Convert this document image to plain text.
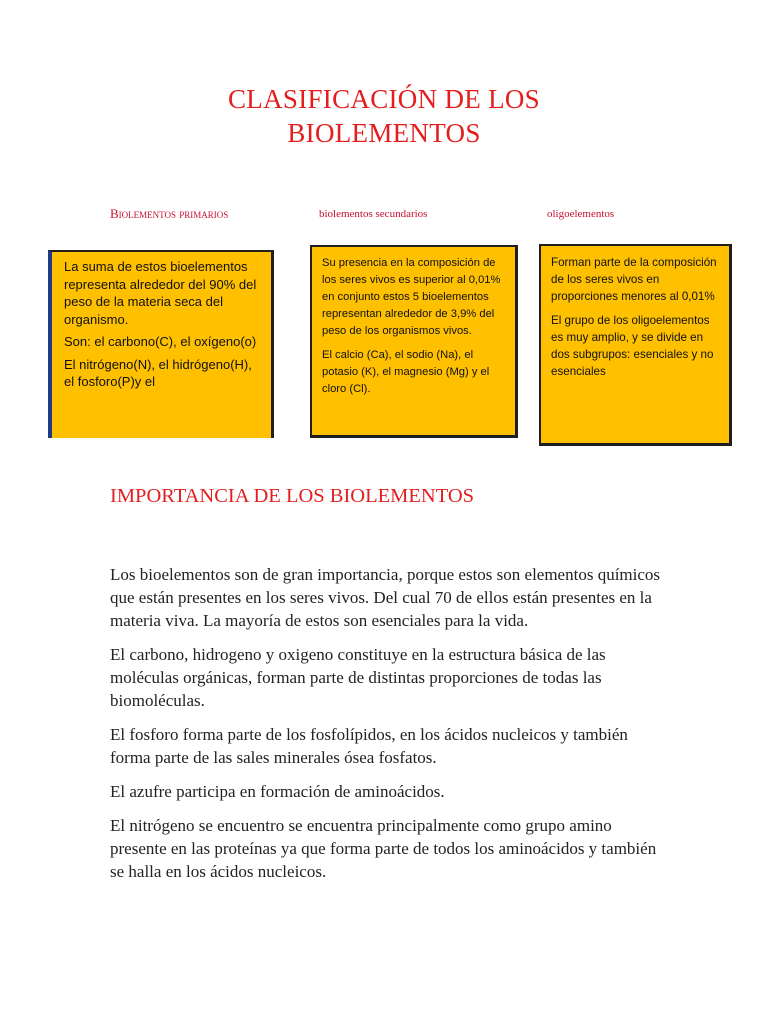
CLASIFICACIÓN DE LOS
BIOLEMENTOS
Biolementos primarios	biolementos secundarios	oligoelementos

La suma de estos bioelementos representa alrededor del 90% del peso de la materia seca del organismo.

Son: el carbono(C), el oxígeno(o)

El nitrógeno(N), el hidrógeno(H), el fosforo(P)y el

Su presencia en la composición de los seres vivos es superior al 0,01% en conjunto estos 5 bioelementos representan alrededor de 3,9% del peso de los organismos vivos.

El calcio (Ca), el sodio (Na), el potasio (K), el magnesio (Mg) y el cloro (Cl).

Forman parte de la composición de los seres vivos en proporciones menores al 0,01%

El grupo de los oligoelementos es muy amplio, y se divide en dos subgrupos: esenciales y no esenciales

IMPORTANCIA DE LOS BIOLEMENTOS

Los bioelementos son de gran importancia, porque estos son elementos químicos que están presentes en los seres vivos. Del cual 70 de ellos están presentes en la materia viva. La mayoría de estos son esenciales para la vida.

El carbono, hidrogeno y oxigeno constituye en la estructura básica de las moléculas orgánicas, forman parte de distintas proporciones de todas las biomoléculas.

El fosforo forma parte de los fosfolípidos, en los ácidos nucleicos y también forma parte de las sales minerales ósea fosfatos.

El azufre participa en formación de aminoácidos.

El nitrógeno se encuentro se encuentra principalmente como grupo amino presente en las proteínas ya que forma parte de todos los aminoácidos y también se halla en los ácidos nucleicos.
